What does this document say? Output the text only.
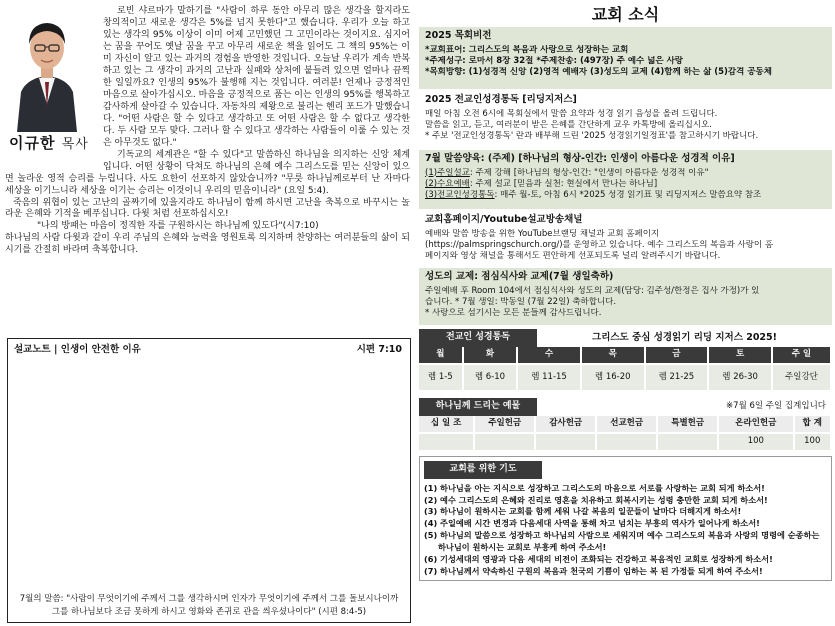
이규한 목사

로빈 샤르마가 말하기를 "사람이 하루 동안 아무리 많은 생각을 할지라도 창의적이고 새로운 생각은 5%를 넘지 못한다"고 했습니다. 우리가 오늘 하고 있는 생각의 95% 이상이 이미 어제 고민했던 그 고민이라는 것이지요. 심지어는 꿈을 꾸어도 옛날 꿈을 꾸고 아무리 새로운 책을 읽어도 그 책의 95%는 이미 자신이 알고 있는 과거의 경험을 반영한 것입니다. 오늘날 우리가 계속 반복하고 있는 그 생각이 과거의 고난과 실패와 상처에 붙들려 있으면 얼마나 끔찍한 일일까요? 인생의 95%가 불행해 지는 것입니다. 여러분! 언제나 긍정적인 마음으로 살아가십시오. 마음을 긍정적으로 품는 이는 인생의 95%를 행복하고 감사하게 살아갈 수 있습니다. 자동차의 제왕으로 불리는 헨리 포드가 말했습니다. "어떤 사람은 할 수 있다고 생각하고 또 어떤 사람은 할 수 없다고 생각한다. 두 사람 모두 맞다. 그러나 할 수 있다고 생각하는 사람들이 이룰 수 있는 것은 아무것도 없다."

기독교의 세계관은 "할 수 있다"고 말씀하신 하나님을 의지하는 신앙 체계입니다. 어떤 상황이 닥쳐도 하나님의 은혜 예수 그리스도를 믿는 신앙이 있으면 놀라운 영적 승리를 누립니다. 사도 요한이 선포하지 않았습니까? "무릇 하나님께로부터 난 자마다 세상을 이기느니라 세상을 이기는 승리는 이것이니 우리의 믿음이니라" (요일 5:4).

죽음의 위협이 있는 고난의 골짜기에 있을지라도 하나님이 함께 하시면 고난을 축복으로 바꾸시는 놀라운 은혜와 기적을 베푸십니다. 다윗 처럼 선포하십시오!

"나의 방패는 마음이 정직한 자를 구원하시는 하나님께 있도다"(시7:10)

하나님의 사람 다윗과 같이 우리 주님의 은혜와 능력을 영원토록 의지하며 찬양하는 여러분들의 삶이 되시기를 간절히 바라며 축복합니다.

설교노트 | 인생이 안전한 이유	시편 7:10
7월의 말씀: "사람이 무엇이기에 주께서 그를 생각하시며 인자가 무엇이기에 주께서 그를 돌보시나이까 그를 하나님보다 조금 못하게 하시고 영화와 존귀로 관을 씌우셨나이다" (시편 8:4-5)
교회 소식
2025 목회비전
*교회표어: 그리스도의 복음과 사랑으로 성장하는 교회
*주제성구: 로마서 8장 32절 *주제찬송: (497장) 주 예수 넓은 사랑
*목회방향: (1)성경적 신앙 (2)영적 예배자 (3)성도의 교제 (4)함께 하는 삶 (5)감격 공동체
2025 전교인성경통독 [리딩지저스]
매일 아침 오전 6시에 목회실에서 말씀 요약과 성경 읽기 음성을 올려 드립니다.
말씀을 읽고, 듣고, 여러분이 받은 은혜를 간단하게 교우 카톡방에 올리십시오.
* 주보 '전교인성경통독' 란과 배부해 드린 '2025 성경읽기일정표'를 참고하시기 바랍니다.
7월 말씀양육: (주제) [하나님의 형상-인간: 인생이 아름다운 성경적 이유]
(1)주일설교: 주제 강해 [하나님의 형상-인간: "인생이 아름다운 성경적 이유"
(2)수요예배: 주제 설교 [믿음과 실천: 현실에서 만나는 하나님]
(3)전교인성경통독: 매주 월-토, 아침 6시 *2025 성경 읽기표 및 리딩지저스 말씀요약 참조
교회홈페이지/Youtube설교방송채널
예배와 말씀 방송을 위한 YouTube브랜딩 채널과 교회 홈페이지
(https://palmspringschurch.org/)를 운영하고 있습니다. 예수 그리스도의 복음과 사랑이 홈
페이지와 영상 채널을 통해서도 편안하게 선포되도록 널리 알려주시기 바랍니다.
성도의 교제: 점심식사와 교제(7월 생일축하)
주일예배 후 Room 104에서 점심식사와 성도의 교제(담당: 김주성/한정은 집사 가정)가 있
습니다. * 7월 생일: 박동일 (7월 22일) 축하합니다.
* 사랑으로 섬기시는 모든 분들께 감사드립니다.
전교인 성경통독	그리스도 중심 성경읽기 리딩 지저스 2025!
월	화	수	목	금	토	주 일
렘 1-5	렘 6-10	렘 11-15	렘 16-20	렘 21-25	렘 26-30	주일강단
하나님께 드리는 예물	※7월 6일 주일 집계입니다
십 일 조	주일헌금	감사헌금	선교헌금	특별헌금	온라인헌금	합 계
					100	100
교회를 위한 기도
(1) 하나님을 아는 지식으로 성장하고 그리스도의 마음으로 서로를 사랑하는 교회 되게 하소서!
(2) 예수 그리스도의 은혜와 진리로 영혼을 치유하고 회복시키는 성령 충만한 교회 되게 하소서!
(3) 하나님이 원하시는 교회를 함께 세워 나갈 복음의 일꾼들이 날마다 더해지게 하소서!
(4) 주일예배 시간 변경과 다음세대 사역을 통해 차고 넘치는 부흥의 역사가 일어나게 하소서!
(5) 하나님의 말씀으로 성장하고 하나님의 사람으로 세워지며 예수 그리스도의 복음과 사랑의 명령에 순종하는 하나님이 원하시는 교회로 부흥케 하여 주소서!
(6) 기성세대의 영광과 다음 세대의 비전이 조화되는 건강하고 복음적인 교회로 성장하게 하소서!
(7) 하나님께서 약속하신 구원의 복음과 천국의 기쁨이 임하는 복 된 가정들 되게 하여 주소서!
